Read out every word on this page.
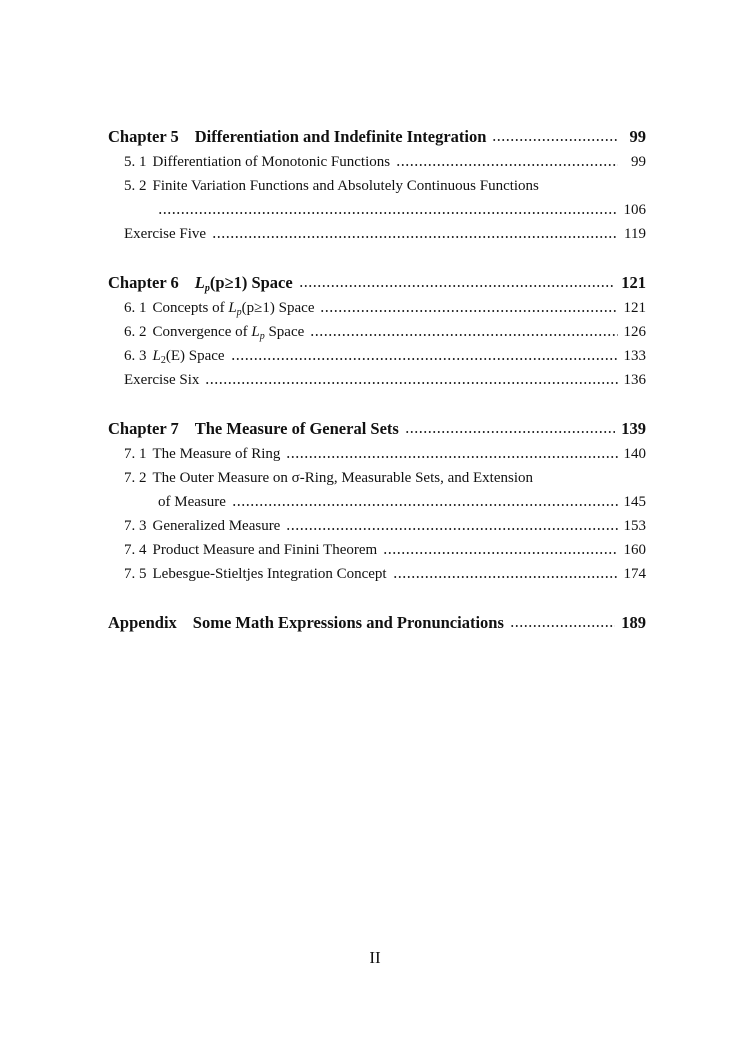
Chapter 5 Differentiation and Indefinite Integration	99
5. 1 Differentiation of Monotonic Functions	99
5. 2 Finite Variation Functions and Absolutely Continuous Functions
106
Exercise Five	119
Chapter 6 $L_p(p\ge 1)$ Space	121
6. 1 Concepts of $L_p(p\ge 1)$ Space	121
6. 2 Convergence of $L_p$ Space	126
6. 3 $L_2(E)$ Space	133
Exercise Six	136
Chapter 7 The Measure of General Sets	139
7. 1 The Measure of Ring	140
7. 2 The Outer Measure on σ-Ring, Measurable Sets, and Extension
of Measure	145
7. 3 Generalized Measure	153
7. 4 Product Measure and Finini Theorem	160
7. 5 Lebesgue-Stieltjes Integration Concept	174
Appendix Some Math Expressions and Pronunciations	189
II
